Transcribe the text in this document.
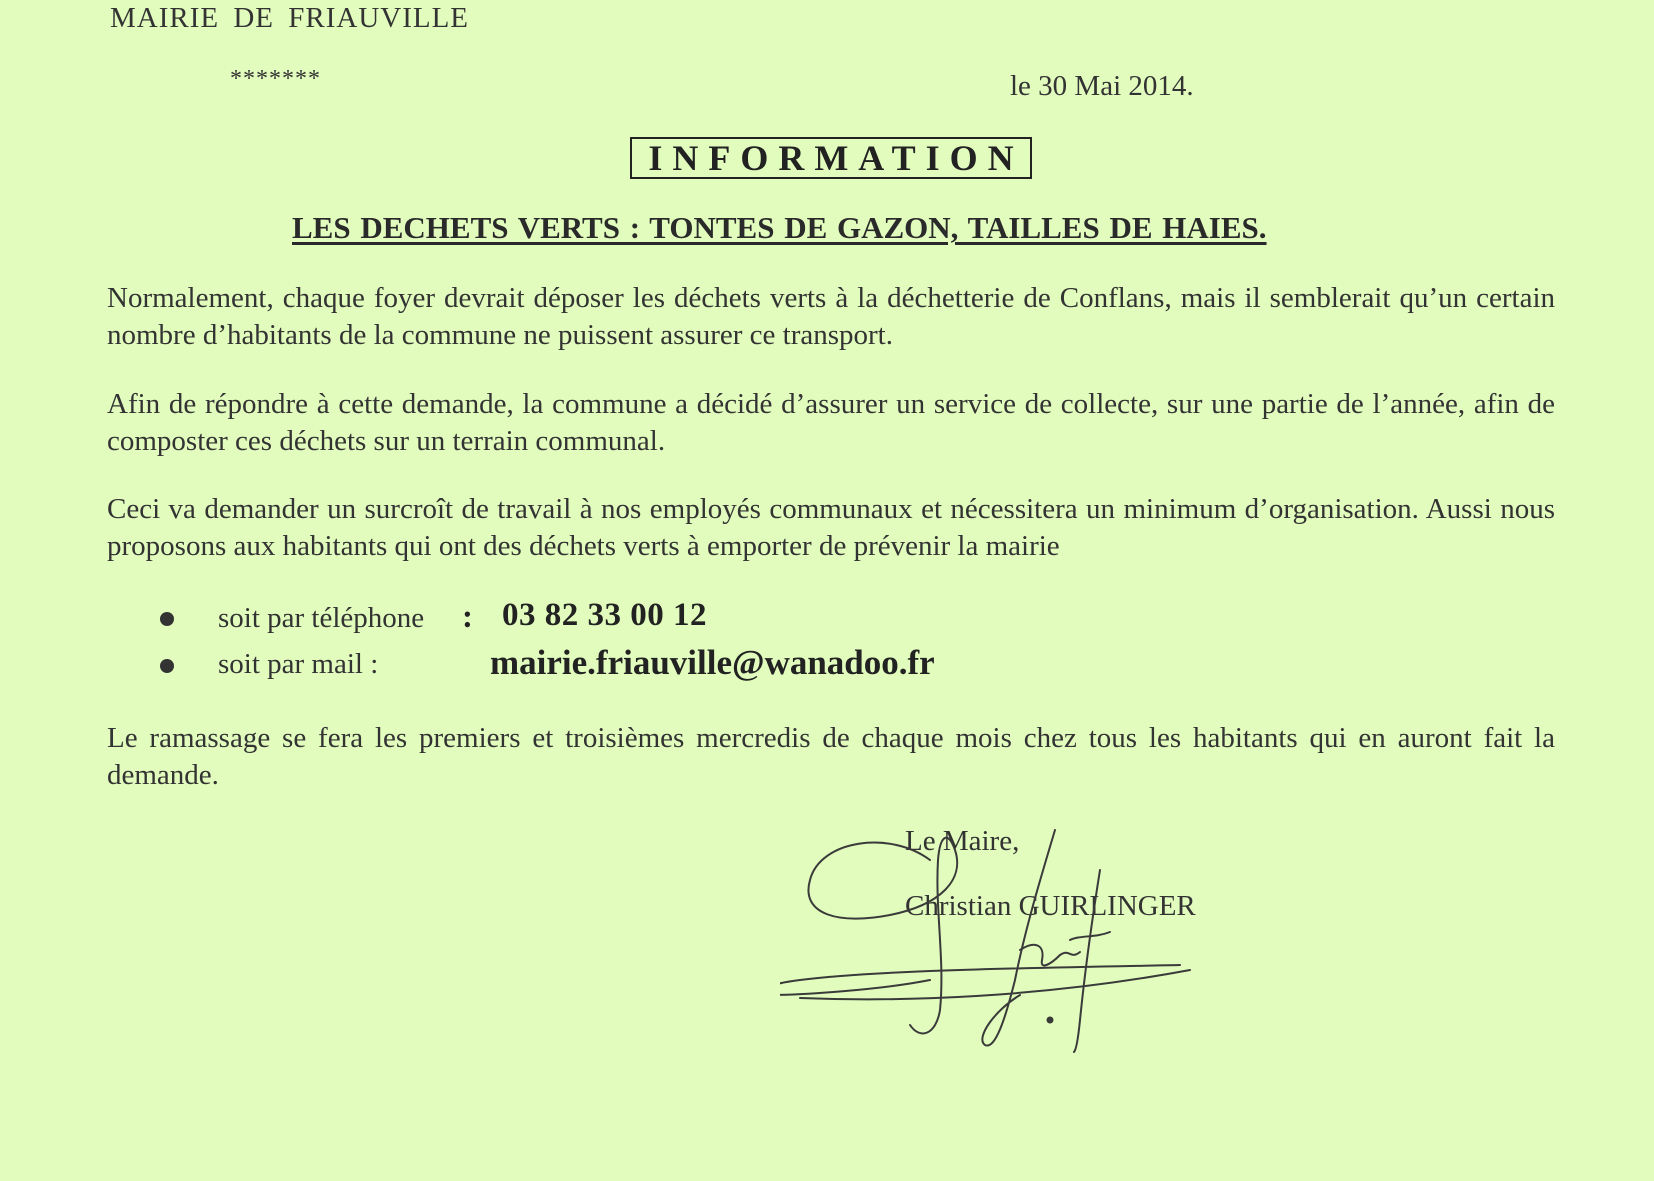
MAIRIE DE FRIAUVILLE
*******	le 30 Mai 2014.
INFORMATION
LES DECHETS VERTS : TONTES DE GAZON, TAILLES DE HAIES.
Normalement, chaque foyer devrait déposer les déchets verts à la déchetterie de Conflans, mais il semblerait qu’un certain nombre d’habitants de la commune ne puissent assurer ce transport.
Afin de répondre à cette demande, la commune a décidé d’assurer un service de collecte, sur une partie de l’année, afin de composter ces déchets sur un terrain communal.
Ceci va demander un surcroît de travail à nos employés communaux et nécessitera un minimum d’organisation. Aussi nous proposons aux habitants qui ont des déchets verts à emporter de prévenir la mairie
soit par téléphone : 03 82 33 00 12
soit par mail :	mairie.friauville@wanadoo.fr
Le ramassage se fera les premiers et troisièmes mercredis de chaque mois chez tous les habitants qui en auront fait la demande.
Le Maire,
Christian GUIRLINGER
